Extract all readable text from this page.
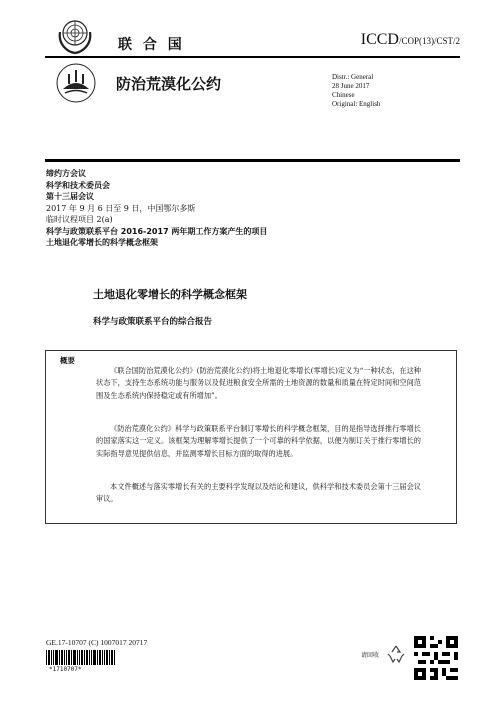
联 合 国	ICCD/COP(13)/CST/2
防治荒漠化公约	Distr.: General
28 June 2017
Chinese
Original: English
缔约方会议
科学和技术委员会
第十三届会议
2017 年 9 月 6 日至 9 日，中国鄂尔多斯
临时议程项目 2(a)
科学与政策联系平台 2016-2017 两年期工作方案产生的项目
土地退化零增长的科学概念框架
土地退化零增长的科学概念框架
科学与政策联系平台的综合报告
概要
《联合国防治荒漠化公约》(防治荒漠化公约)将土地退化零增长(零增长)定义为“一种状态，在这种状态下，支持生态系统功能与服务以及促进粮食安全所需的土地资源的数量和质量在特定时间和空间范围及生态系统内保持稳定或有所增加”。
《防治荒漠化公约》科学与政策联系平台制订零增长的科学概念框架，目的是指导选择推行零增长的国家落实这一定义。该框架为理解零增长提供了一个可靠的科学依据，以便为制订关于推行零增长的实际指导意见提供信息，并监测零增长目标方面的取得的进展。
本文件概述与落实零增长有关的主要科学发现以及结论和建议，供科学和技术委员会第十三届会议审议。
GE.17-10707 (C) 1007017 20717
*1710707*
请回收
